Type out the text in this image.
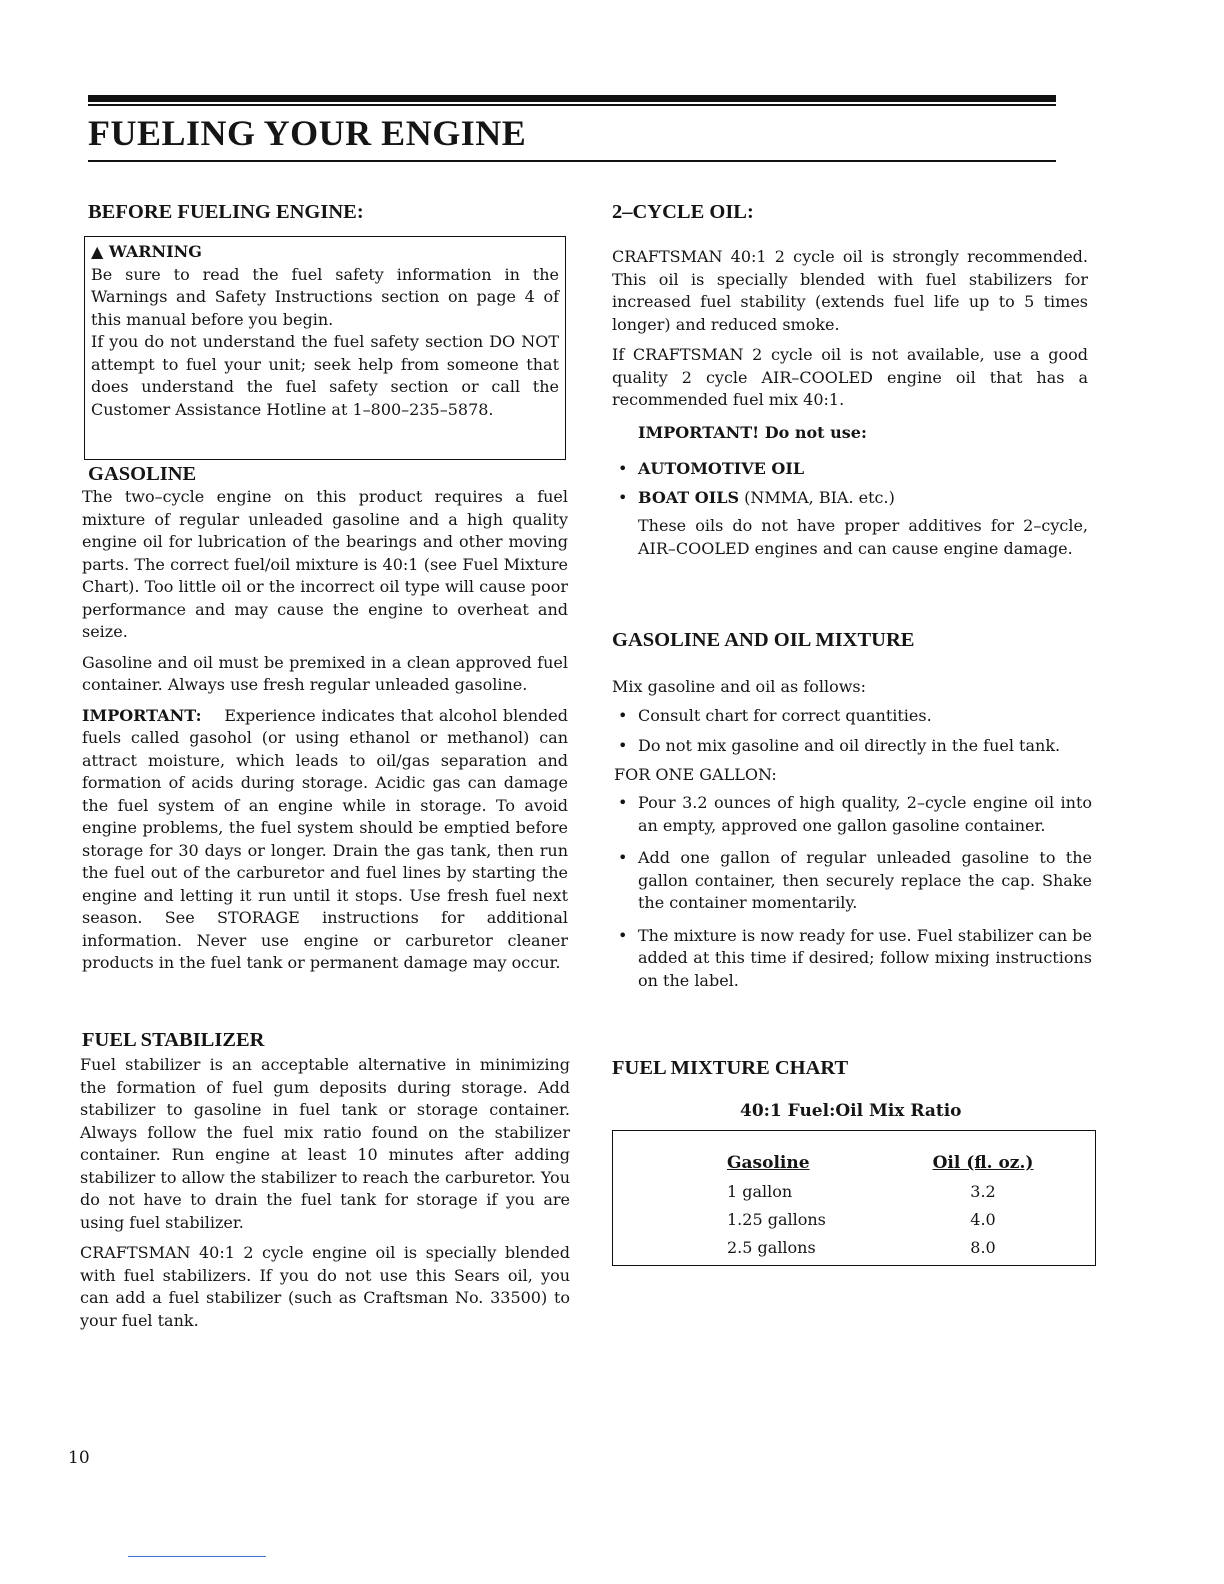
FUELING YOUR ENGINE
BEFORE FUELING ENGINE:

▲ WARNING

Be sure to read the fuel safety information in the Warnings and Safety Instructions section on page 4 of this manual before you begin.

If you do not understand the fuel safety section DO NOT attempt to fuel your unit; seek help from someone that does understand the fuel safety section or call the Customer Assistance Hotline at 1–800–235–5878.

GASOLINE

The two–cycle engine on this product requires a fuel mixture of regular unleaded gasoline and a high quality engine oil for lubrication of the bearings and other moving parts. The correct fuel/oil mixture is 40:1 (see Fuel Mixture Chart). Too little oil or the incorrect oil type will cause poor performance and may cause the engine to overheat and seize.

Gasoline and oil must be premixed in a clean approved fuel container. Always use fresh regular unleaded gasoline.

IMPORTANT: Experience indicates that alcohol blended fuels called gasohol (or using ethanol or methanol) can attract moisture, which leads to oil/gas separation and formation of acids during storage. Acidic gas can damage the fuel system of an engine while in storage. To avoid engine problems, the fuel system should be emptied before storage for 30 days or longer. Drain the gas tank, then run the fuel out of the carburetor and fuel lines by starting the engine and letting it run until it stops. Use fresh fuel next season. See STORAGE instructions for additional information. Never use engine or carburetor cleaner products in the fuel tank or permanent damage may occur.

FUEL STABILIZER

Fuel stabilizer is an acceptable alternative in minimizing the formation of fuel gum deposits during storage. Add stabilizer to gasoline in fuel tank or storage container. Always follow the fuel mix ratio found on the stabilizer container. Run engine at least 10 minutes after adding stabilizer to allow the stabilizer to reach the carburetor. You do not have to drain the fuel tank for storage if you are using fuel stabilizer.

CRAFTSMAN 40:1 2 cycle engine oil is specially blended with fuel stabilizers. If you do not use this Sears oil, you can add a fuel stabilizer (such as Craftsman No. 33500) to your fuel tank.

2–CYCLE OIL:

CRAFTSMAN 40:1 2 cycle oil is strongly recommended. This oil is specially blended with fuel stabilizers for increased fuel stability (extends fuel life up to 5 times longer) and reduced smoke.

If CRAFTSMAN 2 cycle oil is not available, use a good quality 2 cycle AIR–COOLED engine oil that has a recommended fuel mix 40:1.

IMPORTANT! Do not use:

• AUTOMOTIVE OIL
• BOAT OILS (NMMA, BIA. etc.)

These oils do not have proper additives for 2–cycle, AIR–COOLED engines and can cause engine damage.

GASOLINE AND OIL MIXTURE

Mix gasoline and oil as follows:

• Consult chart for correct quantities.
• Do not mix gasoline and oil directly in the fuel tank.

FOR ONE GALLON:

• Pour 3.2 ounces of high quality, 2–cycle engine oil into an empty, approved one gallon gasoline container.
• Add one gallon of regular unleaded gasoline to the gallon container, then securely replace the cap. Shake the container momentarily.
• The mixture is now ready for use. Fuel stabilizer can be added at this time if desired; follow mixing instructions on the label.
FUEL MIXTURE CHART
40:1 Fuel:Oil Mix Ratio
Gasoline	Oil (fl. oz.)
1 gallon	3.2
1.25 gallons	4.0
2.5 gallons	8.0
10
